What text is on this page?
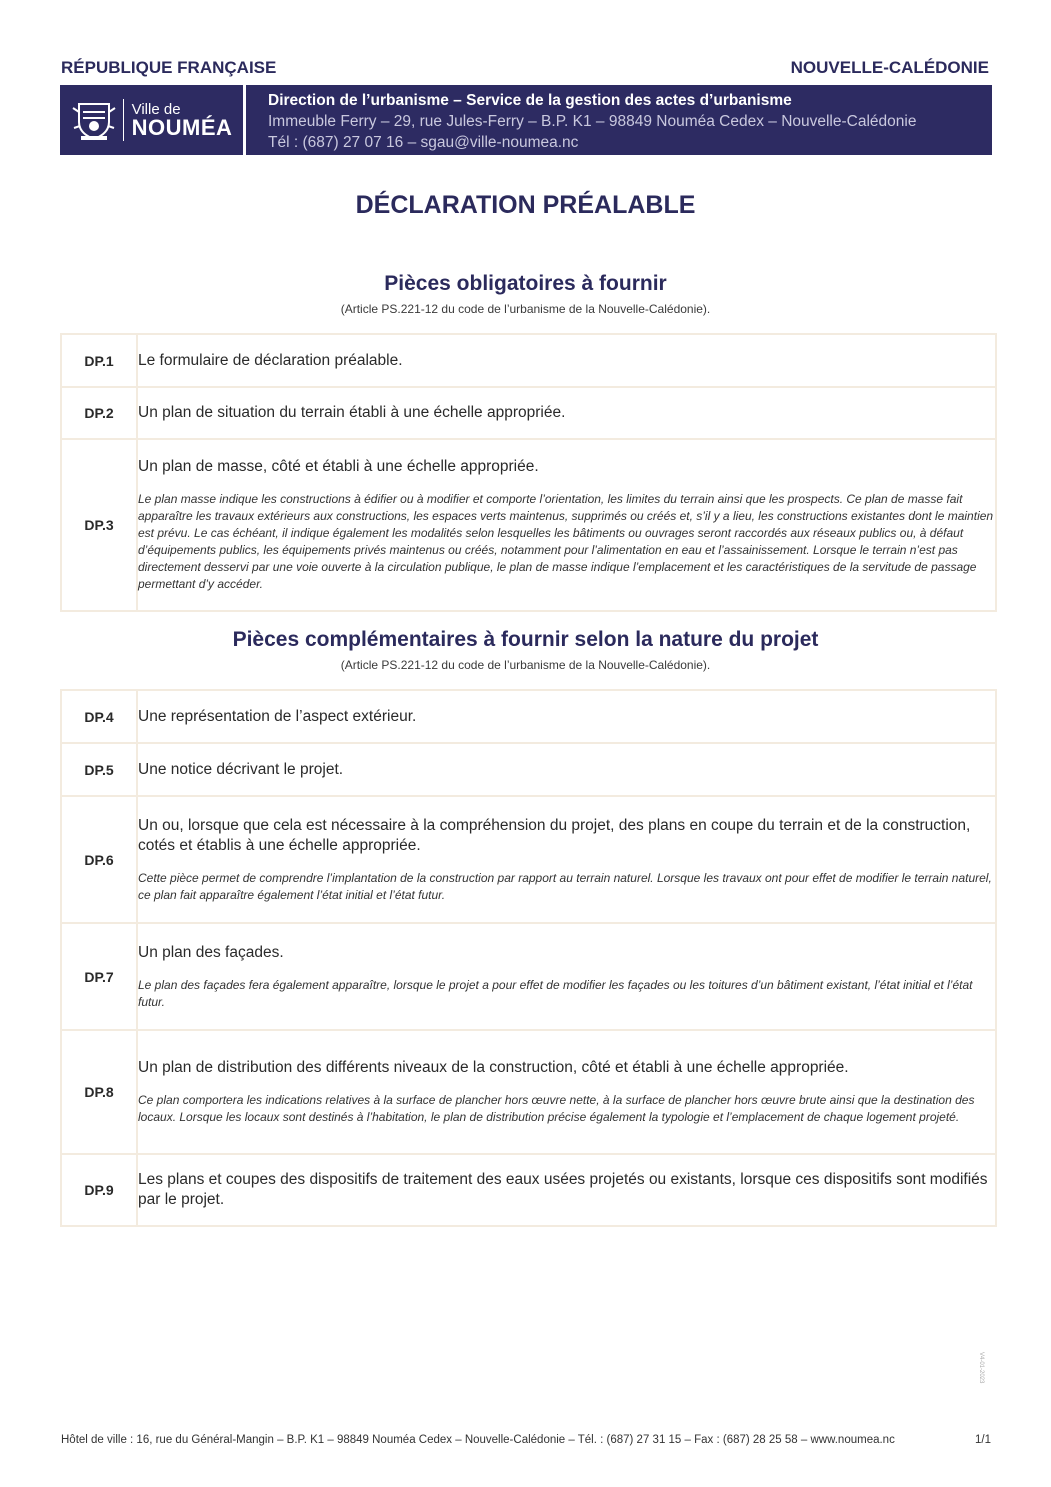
RÉPUBLIQUE FRANÇAISE	NOUVELLE-CALÉDONIE
Ville de
NOUMÉA
Direction de l’urbanisme – Service de la gestion des actes d’urbanisme
Immeuble Ferry – 29, rue Jules-Ferry – B.P. K1 – 98849 Nouméa Cedex – Nouvelle-Calédonie
Tél : (687) 27 07 16 – sgau@ville-noumea.nc
DÉCLARATION PRÉALABLE
Pièces obligatoires à fournir
(Article PS.221-12 du code de l’urbanisme de la Nouvelle-Calédonie).
DP.1	Le formulaire de déclaration préalable.

DP.2	Un plan de situation du terrain établi à une échelle appropriée.

DP.3	Un plan de masse, côté et établi à une échelle appropriée.
Le plan masse indique les constructions à édifier ou à modifier et comporte l’orientation, les limites du terrain ainsi que les prospects. Ce plan de masse fait apparaître les travaux extérieurs aux constructions, les espaces verts maintenus, supprimés ou créés et, s’il y a lieu, les constructions existantes dont le maintien est prévu. Le cas échéant, il indique également les modalités selon lesquelles les bâtiments ou ouvrages seront raccordés aux réseaux publics ou, à défaut d’équipements publics, les équipements privés maintenus ou créés, notamment pour l’alimentation en eau et l’assainissement. Lorsque le terrain n’est pas directement desservi par une voie ouverte à la circulation publique, le plan de masse indique l’emplacement et les caractéristiques de la servitude de passage permettant d’y accéder.
Pièces complémentaires à fournir selon la nature du projet
(Article PS.221-12 du code de l’urbanisme de la Nouvelle-Calédonie).
DP.4	Une représentation de l’aspect extérieur.

DP.5	Une notice décrivant le projet.

DP.6	Un ou, lorsque que cela est nécessaire à la compréhension du projet, des plans en coupe du terrain et de la construction, cotés et établis à une échelle appropriée.
Cette pièce permet de comprendre l’implantation de la construction par rapport au terrain naturel. Lorsque les travaux ont pour effet de modifier le terrain naturel, ce plan fait apparaître également l’état initial et l’état futur.

DP.7	Un plan des façades.
Le plan des façades fera également apparaître, lorsque le projet a pour effet de modifier les façades ou les toitures d’un bâtiment existant, l’état initial et l’état futur.

DP.8	Un plan de distribution des différents niveaux de la construction, côté et établi à une échelle appropriée.
Ce plan comportera les indications relatives à la surface de plancher hors œuvre nette, à la surface de plancher hors œuvre brute ainsi que la destination des locaux. Lorsque les locaux sont destinés à l’habitation, le plan de distribution précise également la typologie et l’emplacement de chaque logement projeté.

DP.9	Les plans et coupes des dispositifs de traitement des eaux usées projetés ou existants, lorsque ces dispositifs sont modifiés par le projet.
V4-01-2023
Hôtel de ville : 16, rue du Général-Mangin – B.P. K1 – 98849 Nouméa Cedex – Nouvelle-Calédonie – Tél. : (687) 27 31 15 – Fax : (687) 28 25 58 – www.noumea.nc	1/1
